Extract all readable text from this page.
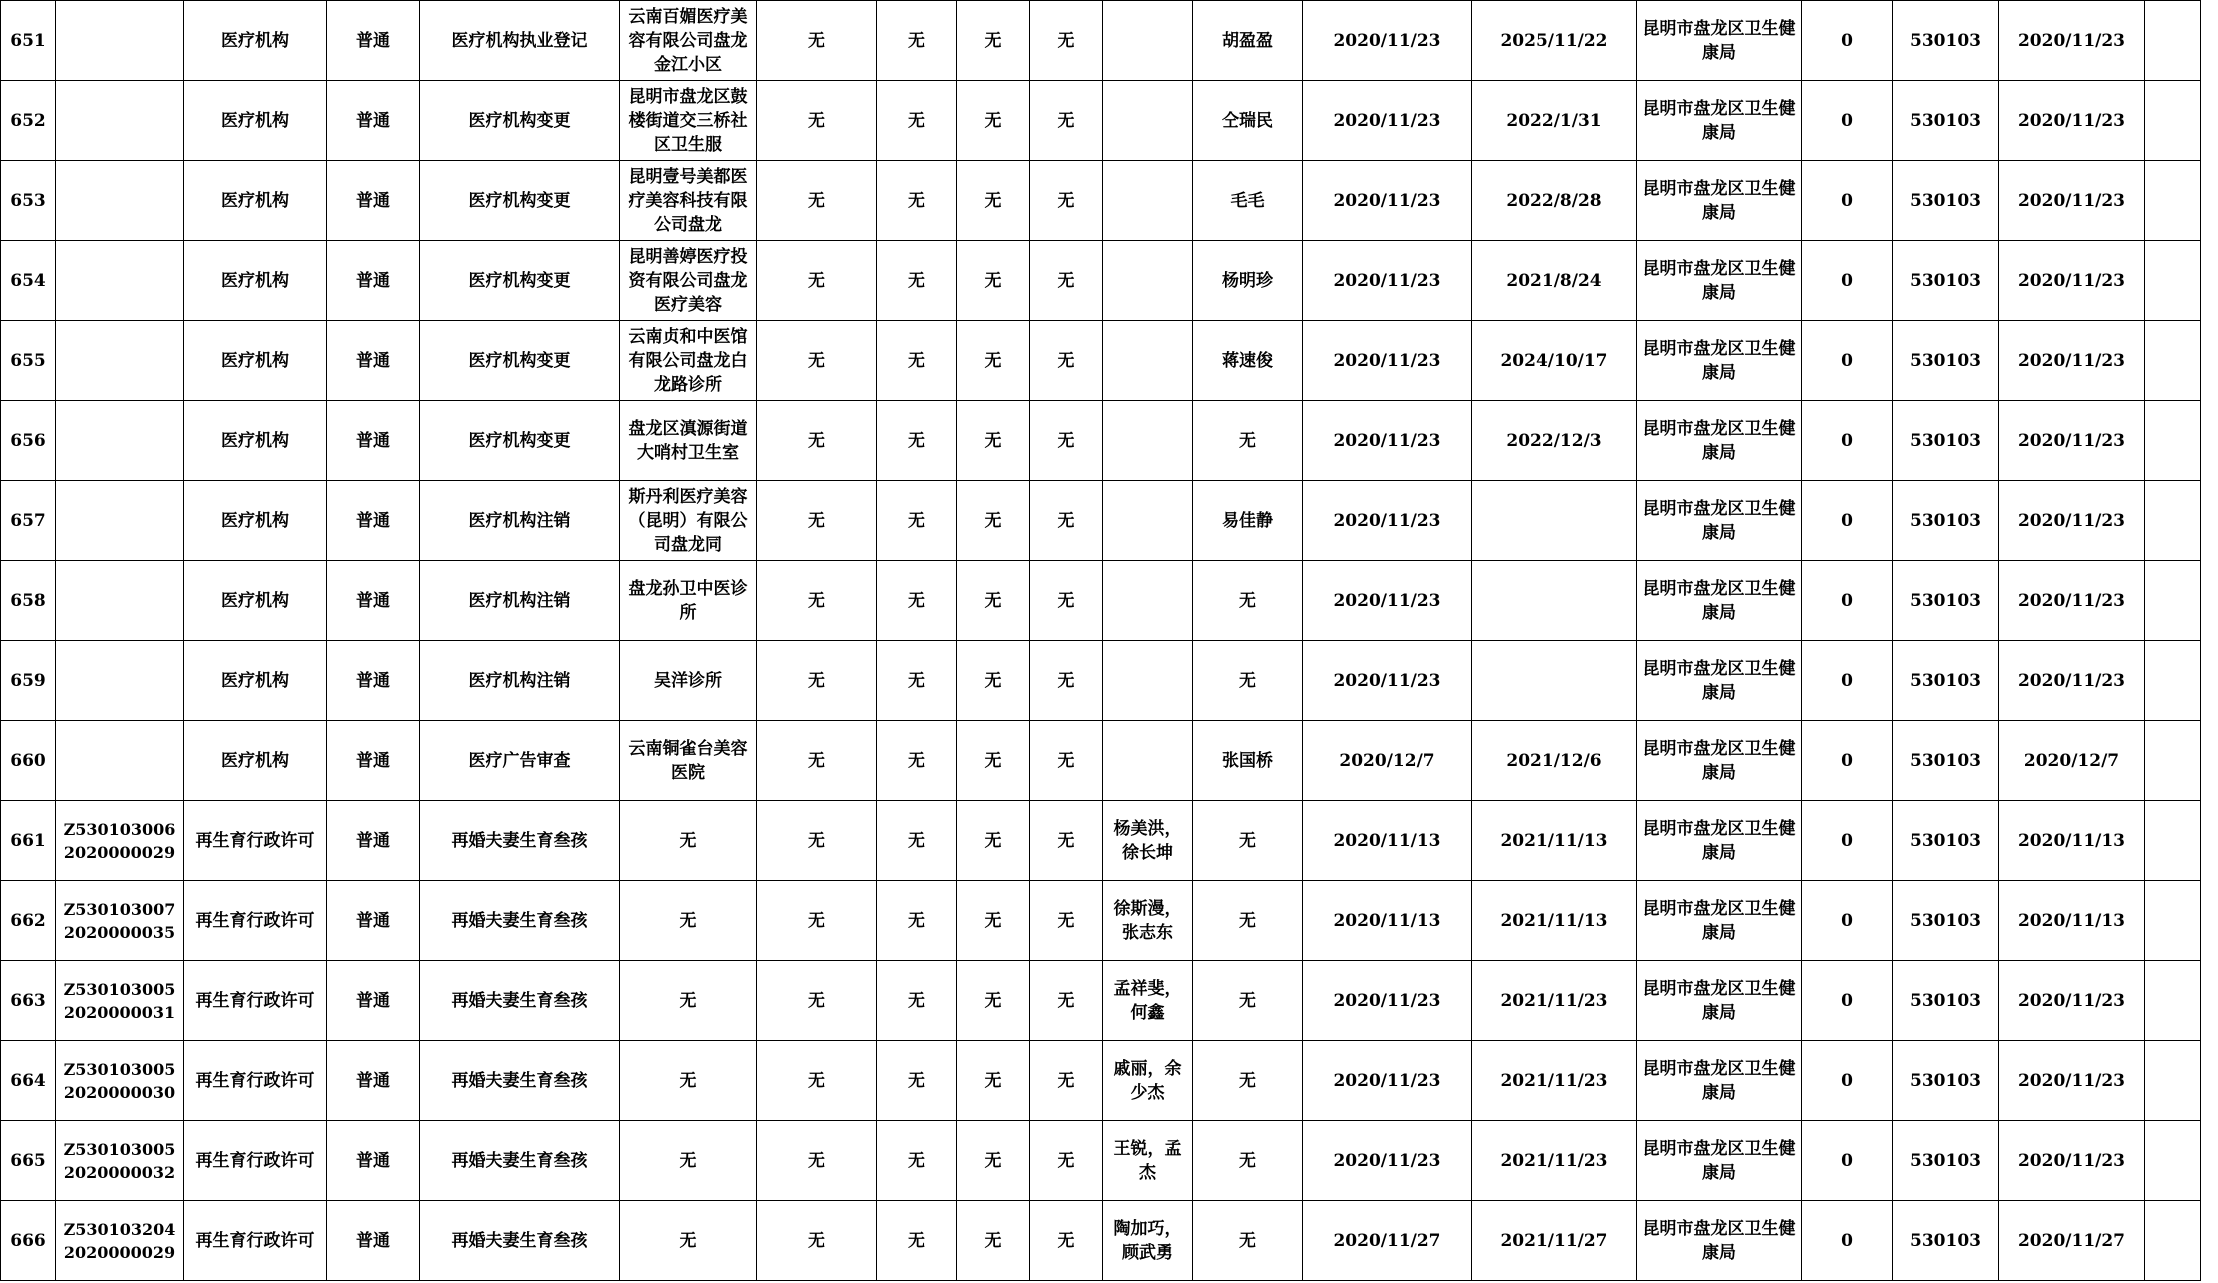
651		医疗机构	普通	医疗机构执业登记	云南百媚医疗美容有限公司盘龙金江小区	无	无	无	无		胡盈盈	2020/11/23	2025/11/22	昆明市盘龙区卫生健康局	0	530103	2020/11/23	
652		医疗机构	普通	医疗机构变更	昆明市盘龙区鼓楼街道交三桥社区卫生服	无	无	无	无		仝瑞民	2020/11/23	2022/1/31	昆明市盘龙区卫生健康局	0	530103	2020/11/23	
653		医疗机构	普通	医疗机构变更	昆明壹号美都医疗美容科技有限公司盘龙	无	无	无	无		毛毛	2020/11/23	2022/8/28	昆明市盘龙区卫生健康局	0	530103	2020/11/23	
654		医疗机构	普通	医疗机构变更	昆明善婷医疗投资有限公司盘龙医疗美容	无	无	无	无		杨明珍	2020/11/23	2021/8/24	昆明市盘龙区卫生健康局	0	530103	2020/11/23	
655		医疗机构	普通	医疗机构变更	云南贞和中医馆有限公司盘龙白龙路诊所	无	无	无	无		蒋速俊	2020/11/23	2024/10/17	昆明市盘龙区卫生健康局	0	530103	2020/11/23	
656		医疗机构	普通	医疗机构变更	盘龙区滇源街道大哨村卫生室	无	无	无	无		无	2020/11/23	2022/12/3	昆明市盘龙区卫生健康局	0	530103	2020/11/23	
657		医疗机构	普通	医疗机构注销	斯丹利医疗美容（昆明）有限公司盘龙同	无	无	无	无		易佳静	2020/11/23		昆明市盘龙区卫生健康局	0	530103	2020/11/23	
658		医疗机构	普通	医疗机构注销	盘龙孙卫中医诊所	无	无	无	无		无	2020/11/23		昆明市盘龙区卫生健康局	0	530103	2020/11/23	
659		医疗机构	普通	医疗机构注销	吴洋诊所	无	无	无	无		无	2020/11/23		昆明市盘龙区卫生健康局	0	530103	2020/11/23	
660		医疗机构	普通	医疗广告审查	云南铜雀台美容医院	无	无	无	无		张国桥	2020/12/7	2021/12/6	昆明市盘龙区卫生健康局	0	530103	2020/12/7	
661	Z5301030062020000029	再生育行政许可	普通	再婚夫妻生育叁孩	无	无	无	无	无	杨美洪，徐长坤	无	2020/11/13	2021/11/13	昆明市盘龙区卫生健康局	0	530103	2020/11/13	
662	Z5301030072020000035	再生育行政许可	普通	再婚夫妻生育叁孩	无	无	无	无	无	徐斯漫，张志东	无	2020/11/13	2021/11/13	昆明市盘龙区卫生健康局	0	530103	2020/11/13	
663	Z5301030052020000031	再生育行政许可	普通	再婚夫妻生育叁孩	无	无	无	无	无	孟祥斐，何鑫	无	2020/11/23	2021/11/23	昆明市盘龙区卫生健康局	0	530103	2020/11/23	
664	Z5301030052020000030	再生育行政许可	普通	再婚夫妻生育叁孩	无	无	无	无	无	戚丽，余少杰	无	2020/11/23	2021/11/23	昆明市盘龙区卫生健康局	0	530103	2020/11/23	
665	Z5301030052020000032	再生育行政许可	普通	再婚夫妻生育叁孩	无	无	无	无	无	王锐，孟杰	无	2020/11/23	2021/11/23	昆明市盘龙区卫生健康局	0	530103	2020/11/23	
666	Z5301032042020000029	再生育行政许可	普通	再婚夫妻生育叁孩	无	无	无	无	无	陶加巧，顾武勇	无	2020/11/27	2021/11/27	昆明市盘龙区卫生健康局	0	530103	2020/11/27	
